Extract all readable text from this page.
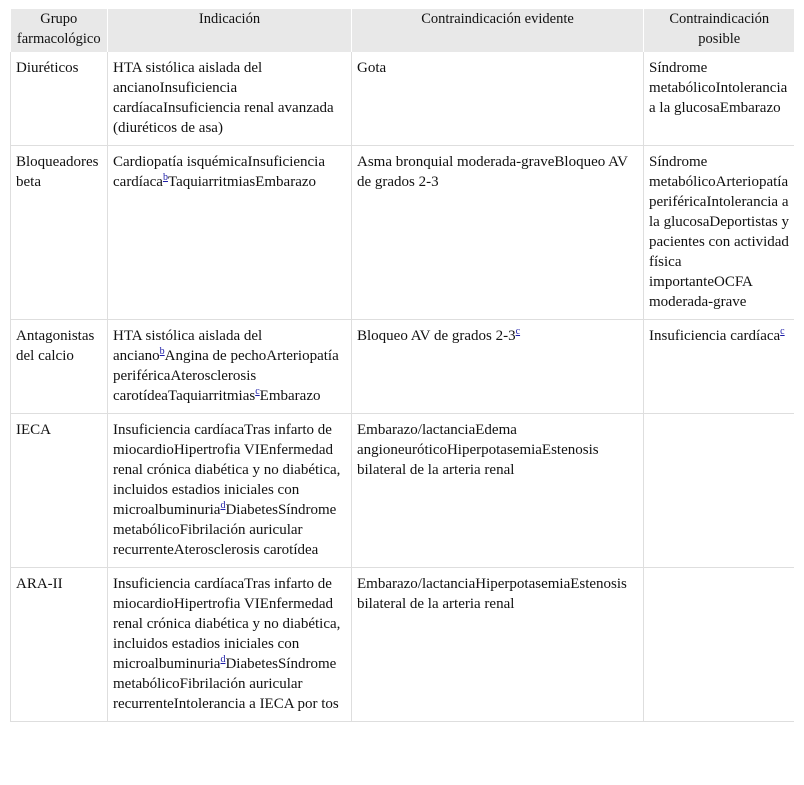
Grupo farmacológico	Indicación	Contraindicación evidente	Contraindicación posible
Diuréticos	HTA sistólica aislada del ancianoInsuficiencia cardíacaInsuficiencia renal avanzada (diuréticos de asa)	Gota	Síndrome metabólicoIntolerancia a la glucosaEmbarazo
Bloqueadores beta	Cardiopatía isquémicaInsuficiencia cardíaca$^b$TaquiarritmiasEmbarazo	Asma bronquial moderada-graveBloqueo AV de grados 2-3	Síndrome metabólicoArteriopatía periféricaIntolerancia a la glucosaDeportistas y pacientes con actividad física importanteOCFA moderada-grave
Antagonistas del calcio	HTA sistólica aislada del anciano$^b$Angina de pechoArteriopatía periféricaAterosclerosis carotídeaTaquiarritmias$^c$Embarazo	Bloqueo AV de grados 2-3$^c$	Insuficiencia cardíaca$^c$
IECA	Insuficiencia cardíacaTras infarto de miocardioHipertrofia VIEnfermedad renal crónica diabética y no diabética, incluidos estadios iniciales con microalbuminuria$^d$DiabetesSíndrome metabólicoFibrilación auricular recurrenteAterosclerosis carotídea	Embarazo/lactanciaEdema angioneuróticoHiperpotasemiaEstenosis bilateral de la arteria renal	
ARA-II	Insuficiencia cardíacaTras infarto de miocardioHipertrofia VIEnfermedad renal crónica diabética y no diabética, incluidos estadios iniciales con microalbuminuria$^d$DiabetesSíndrome metabólicoFibrilación auricular recurrenteIntolerancia a IECA por tos	Embarazo/lactanciaHiperpotasemiaEstenosis bilateral de la arteria renal	
